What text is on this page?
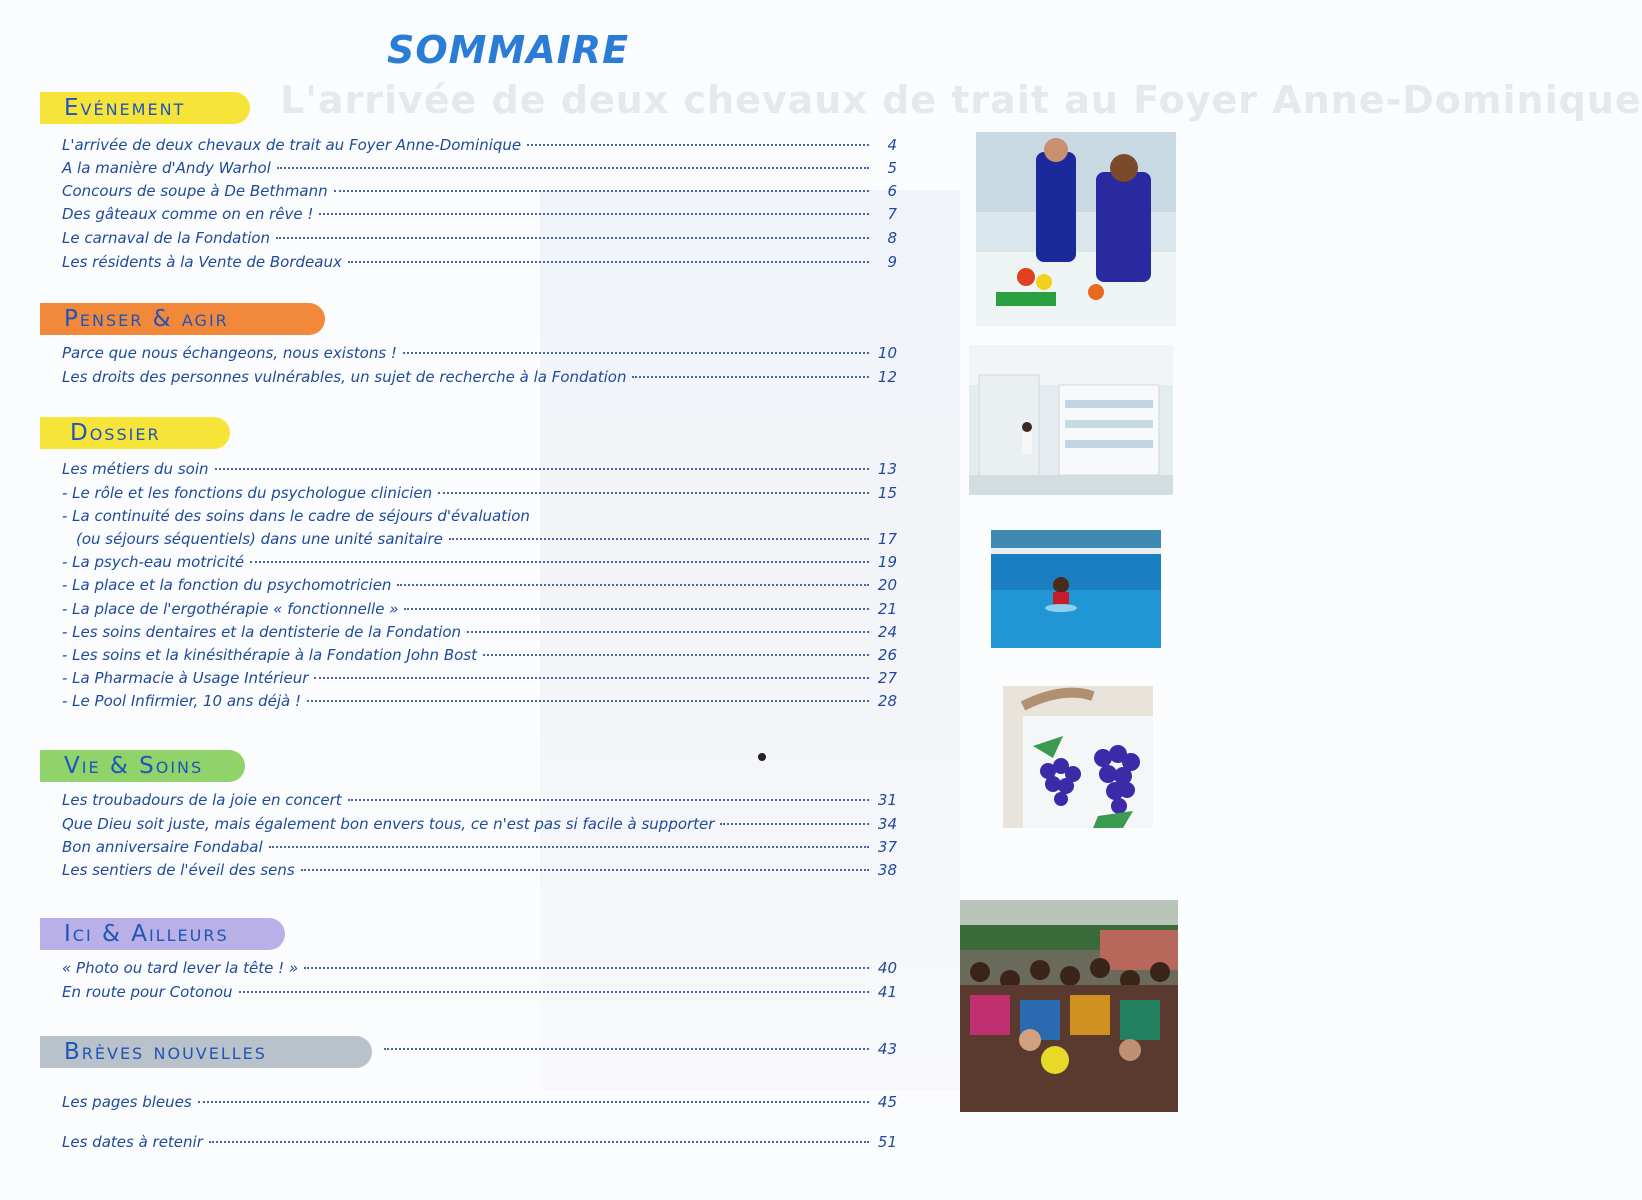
L'arrivée de deux chevaux de trait au Foyer Anne-Dominique
SOMMAIRE
Evénement
L'arrivée de deux chevaux de trait au Foyer Anne-Dominique	4
A la manière d'Andy Warhol	5
Concours de soupe à De Bethmann	6
Des gâteaux comme on en rêve !	7
Le carnaval de la Fondation	8
Les résidents à la Vente de Bordeaux	9
Penser & agir
Parce que nous échangeons, nous existons !	10
Les droits des personnes vulnérables, un sujet de recherche à la Fondation	12
Dossier
Les métiers du soin	13
- Le rôle et les fonctions du psychologue clinicien	15
- La continuité des soins dans le cadre de séjours d'évaluation
(ou séjours séquentiels) dans une unité sanitaire	17
- La psych-eau motricité	19
- La place et la fonction du psychomotricien	20
- La place de l'ergothérapie « fonctionnelle »	21
- Les soins dentaires et la dentisterie de la Fondation	24
- Les soins et la kinésithérapie à la Fondation John Bost	26
- La Pharmacie à Usage Intérieur	27
- Le Pool Infirmier, 10 ans déjà !	28
Vie & Soins
Les troubadours de la joie en concert	31
Que Dieu soit juste, mais également bon envers tous, ce n'est pas si facile à supporter	34
Bon anniversaire Fondabal	37
Les sentiers de l'éveil des sens	38
Ici & Ailleurs
« Photo ou tard lever la tête ! »	40
En route pour Cotonou	41
Brèves nouvelles	43
Les pages bleues	45
Les dates à retenir	51
